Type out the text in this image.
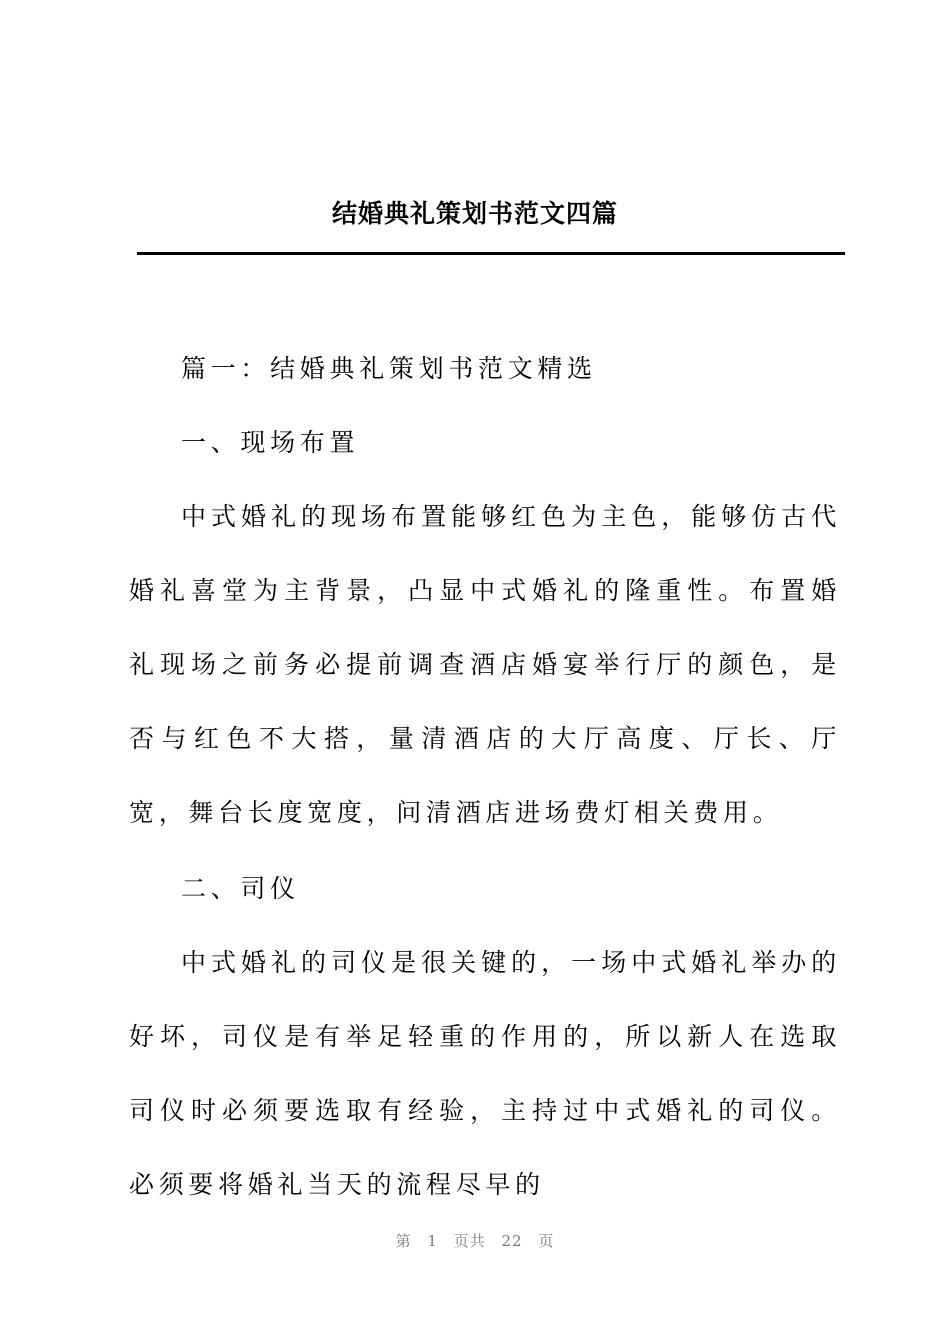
结婚典礼策划书范文四篇

篇一：结婚典礼策划书范文精选

一、现场布置

中式婚礼的现场布置能够红色为主色，能够仿古代婚礼喜堂为主背景，凸显中式婚礼的隆重性。布置婚礼现场之前务必提前调查酒店婚宴举行厅的颜色，是否与红色不大搭，量清酒店的大厅高度、厅长、厅宽，舞台长度宽度，问清酒店进场费灯相关费用。

二、司仪

中式婚礼的司仪是很关键的，一场中式婚礼举办的好坏，司仪是有举足轻重的作用的，所以新人在选取司仪时必须要选取有经验，主持过中式婚礼的司仪。必须要将婚礼当天的流程尽早的

第 1 页共 22 页
